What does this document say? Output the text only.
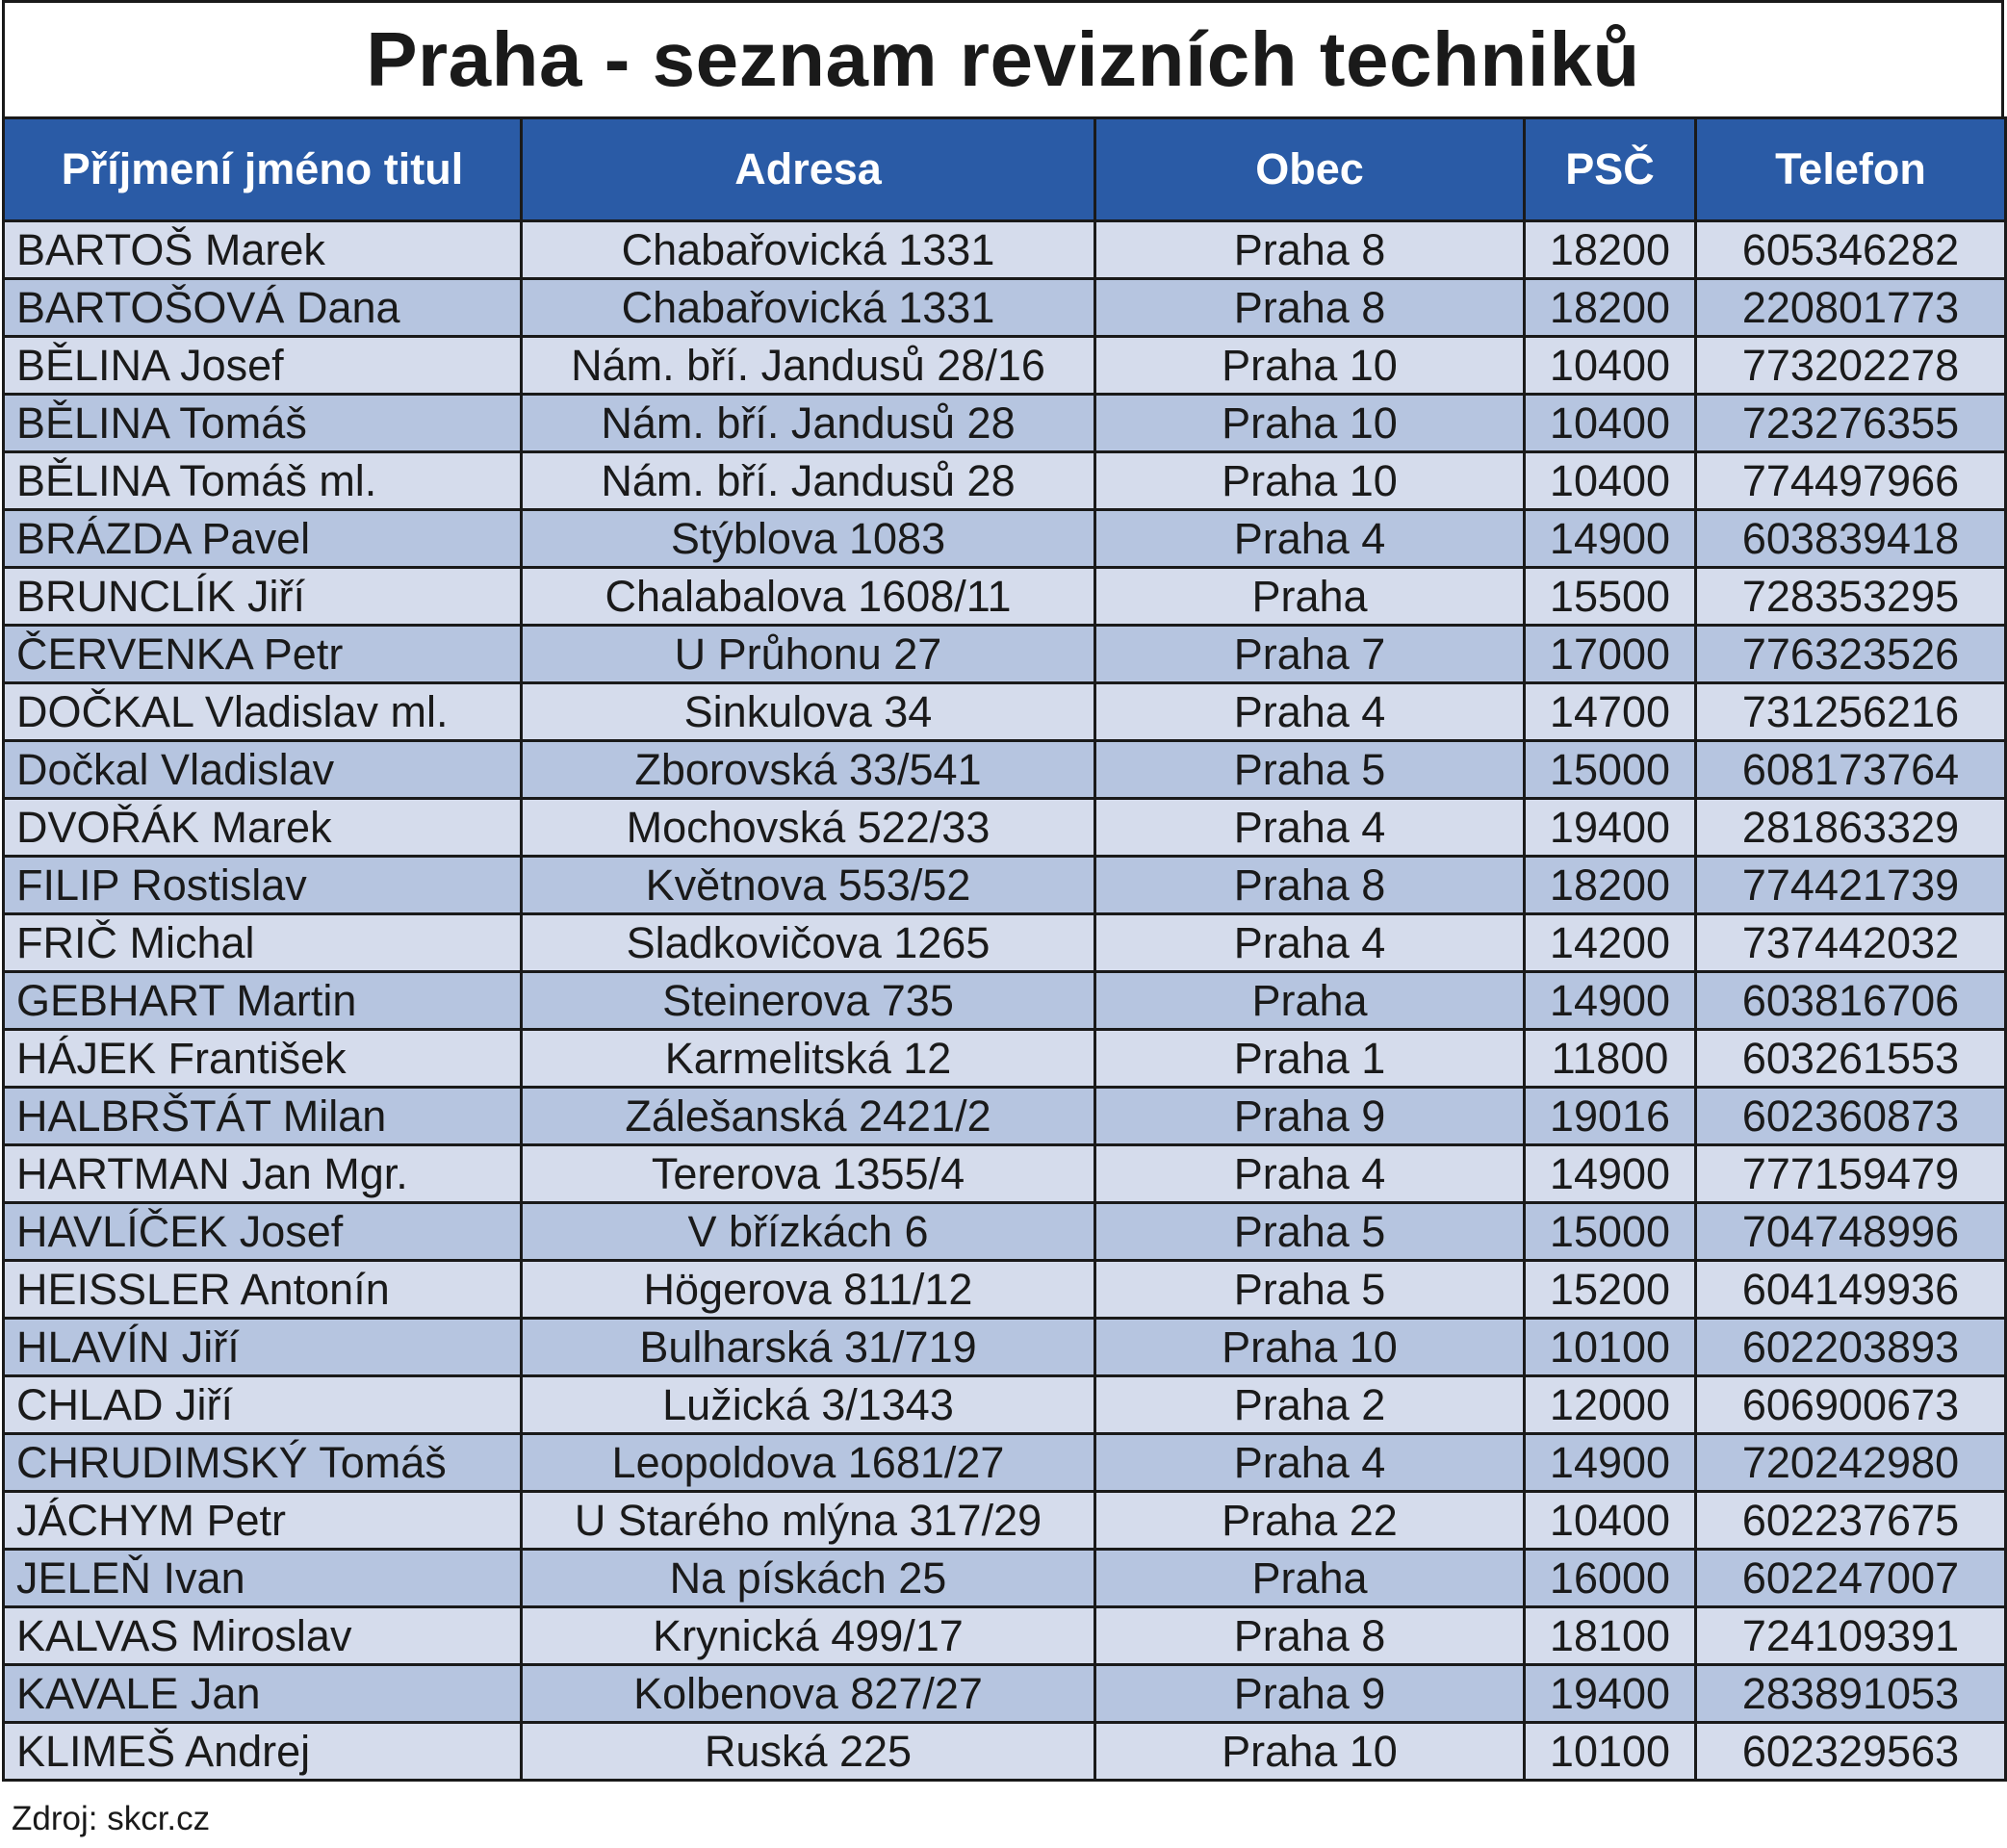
Praha - seznam revizních techniků
Příjmení jméno titul	Adresa	Obec	PSČ	Telefon
BARTOŠ Marek	Chabařovická 1331	Praha 8	18200	605346282
BARTOŠOVÁ Dana	Chabařovická 1331	Praha 8	18200	220801773
BĚLINA Josef	Nám. bří. Jandusů 28/16	Praha 10	10400	773202278
BĚLINA Tomáš	Nám. bří. Jandusů 28	Praha 10	10400	723276355
BĚLINA Tomáš ml.	Nám. bří. Jandusů 28	Praha 10	10400	774497966
BRÁZDA Pavel	Stýblova 1083	Praha 4	14900	603839418
BRUNCLÍK Jiří	Chalabalova 1608/11	Praha	15500	728353295
ČERVENKA Petr	U Průhonu 27	Praha 7	17000	776323526
DOČKAL Vladislav ml.	Sinkulova 34	Praha 4	14700	731256216
Dočkal Vladislav	Zborovská 33/541	Praha 5	15000	608173764
DVOŘÁK Marek	Mochovská 522/33	Praha 4	19400	281863329
FILIP Rostislav	Květnova 553/52	Praha 8	18200	774421739
FRIČ Michal	Sladkovičova 1265	Praha 4	14200	737442032
GEBHART Martin	Steinerova 735	Praha	14900	603816706
HÁJEK František	Karmelitská 12	Praha 1	11800	603261553
HALBRŠTÁT Milan	Zálešanská 2421/2	Praha 9	19016	602360873
HARTMAN Jan Mgr.	Tererova 1355/4	Praha 4	14900	777159479
HAVLÍČEK Josef	V břízkách 6	Praha 5	15000	704748996
HEISSLER Antonín	Högerova 811/12	Praha 5	15200	604149936
HLAVÍN Jiří	Bulharská 31/719	Praha 10	10100	602203893
CHLAD Jiří	Lužická 3/1343	Praha 2	12000	606900673
CHRUDIMSKÝ Tomáš	Leopoldova 1681/27	Praha 4	14900	720242980
JÁCHYM Petr	U Starého mlýna 317/29	Praha 22	10400	602237675
JELEŇ Ivan	Na pískách 25	Praha	16000	602247007
KALVAS Miroslav	Krynická 499/17	Praha 8	18100	724109391
KAVALE Jan	Kolbenova 827/27	Praha 9	19400	283891053
KLIMEŠ Andrej	Ruská 225	Praha 10	10100	602329563
Zdroj: skcr.cz
